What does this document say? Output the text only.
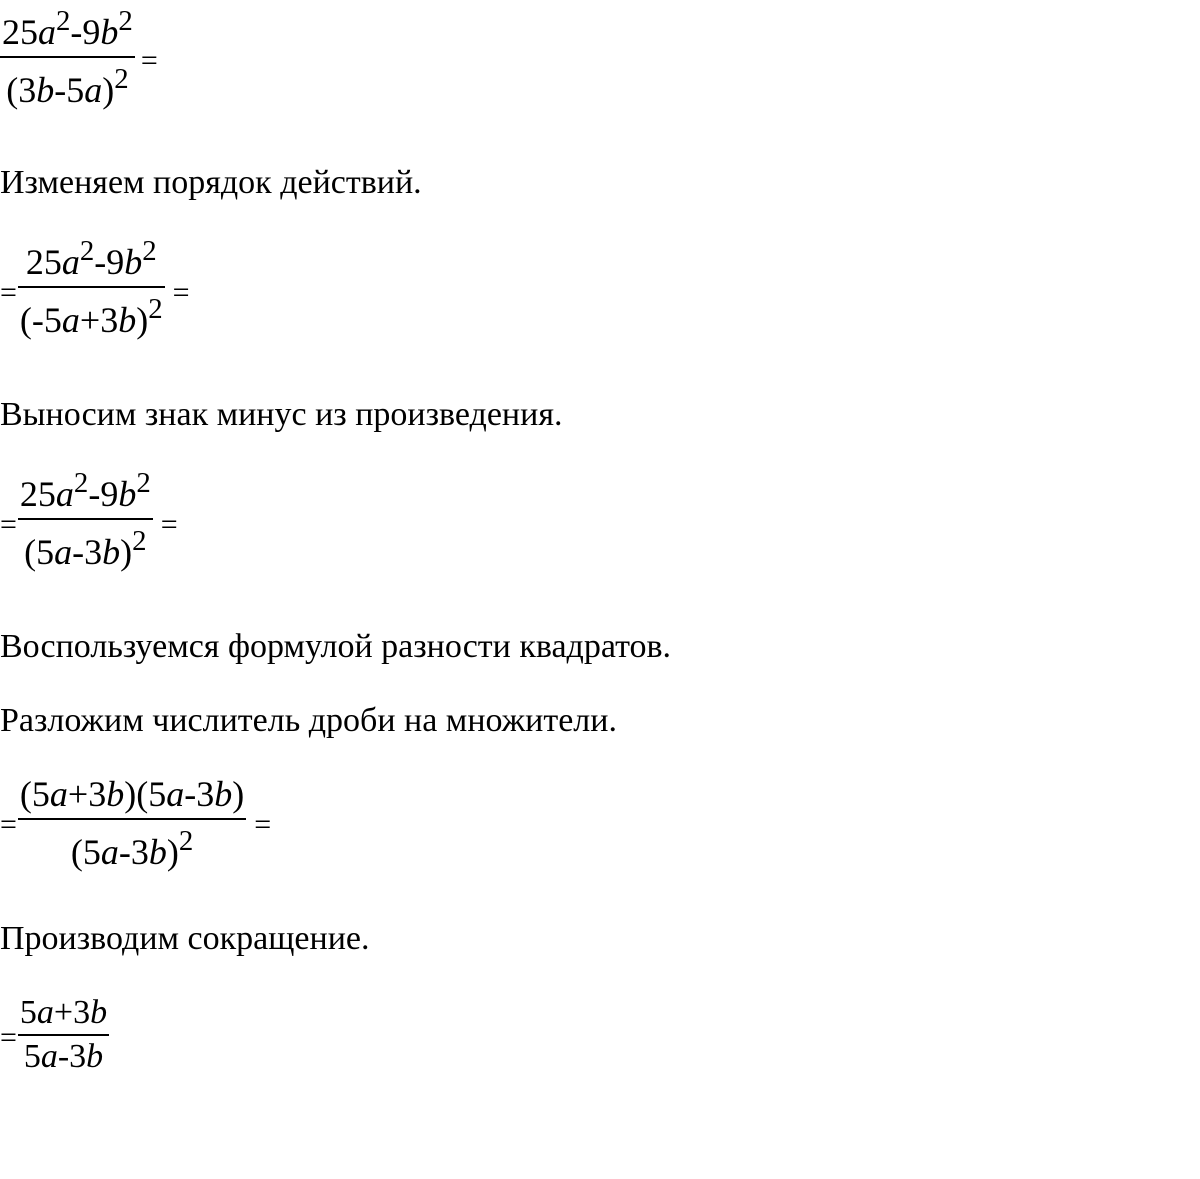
$\frac{25a^2-9b^2}{(3b-5a)^2}$ =
Изменяем порядок действий.
= $\frac{25a^2-9b^2}{(-5a+3b)^2}$ =
Выносим знак минус из произведения.
= $\frac{25a^2-9b^2}{(5a-3b)^2}$ =
Воспользуемся формулой разности квадратов.
Разложим числитель дроби на множители.
= $\frac{(5a+3b)(5a-3b)}{(5a-3b)^2}$ =
Производим сокращение.
= $\frac{5a+3b}{5a-3b}$
